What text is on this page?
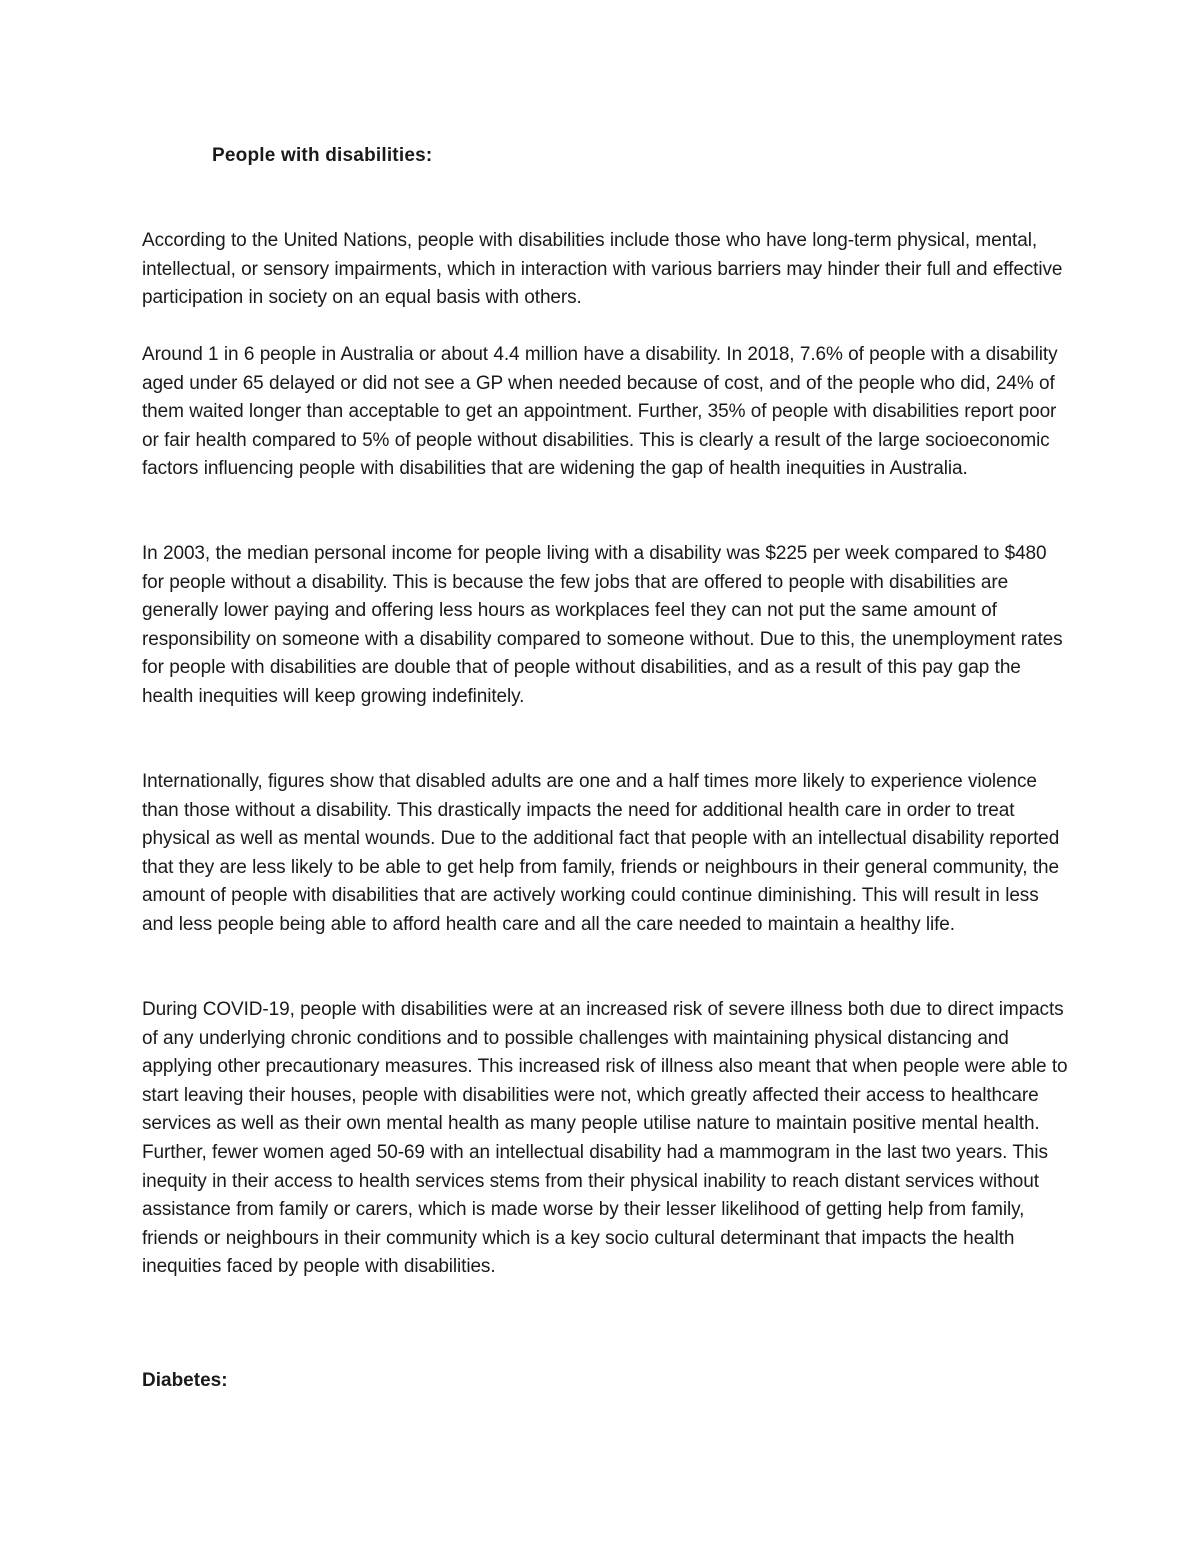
People with disabilities:

According to the United Nations, people with disabilities include those who have long-term physical, mental, intellectual, or sensory impairments, which in interaction with various barriers may hinder their full and effective participation in society on an equal basis with others.

Around 1 in 6 people in Australia or about 4.4 million have a disability. In 2018, 7.6% of people with a disability aged under 65 delayed or did not see a GP when needed because of cost, and of the people who did, 24% of them waited longer than acceptable to get an appointment. Further, 35% of people with disabilities report poor or fair health compared to 5% of people without disabilities. This is clearly a result of the large socioeconomic factors influencing people with disabilities that are widening the gap of health inequities in Australia.

In 2003, the median personal income for people living with a disability was $225 per week compared to $480 for people without a disability. This is because the few jobs that are offered to people with disabilities are generally lower paying and offering less hours as workplaces feel they can not put the same amount of responsibility on someone with a disability compared to someone without. Due to this, the unemployment rates for people with disabilities are double that of people without disabilities, and as a result of this pay gap the health inequities will keep growing indefinitely.

Internationally, figures show that disabled adults are one and a half times more likely to experience violence than those without a disability. This drastically impacts the need for additional health care in order to treat physical as well as mental wounds. Due to the additional fact that people with an intellectual disability reported that they are less likely to be able to get help from family, friends or neighbours in their general community, the amount of people with disabilities that are actively working could continue diminishing. This will result in less and less people being able to afford health care and all the care needed to maintain a healthy life.

During COVID-19, people with disabilities were at an increased risk of severe illness both due to direct impacts of any underlying chronic conditions and to possible challenges with maintaining physical distancing and applying other precautionary measures. This increased risk of illness also meant that when people were able to start leaving their houses, people with disabilities were not, which greatly affected their access to healthcare services as well as their own mental health as many people utilise nature to maintain positive mental health. Further, fewer women aged 50-69 with an intellectual disability had a mammogram in the last two years. This inequity in their access to health services stems from their physical inability to reach distant services without assistance from family or carers, which is made worse by their lesser likelihood of getting help from family, friends or neighbours in their community which is a key socio cultural determinant that impacts the health inequities faced by people with disabilities.

Diabetes:
